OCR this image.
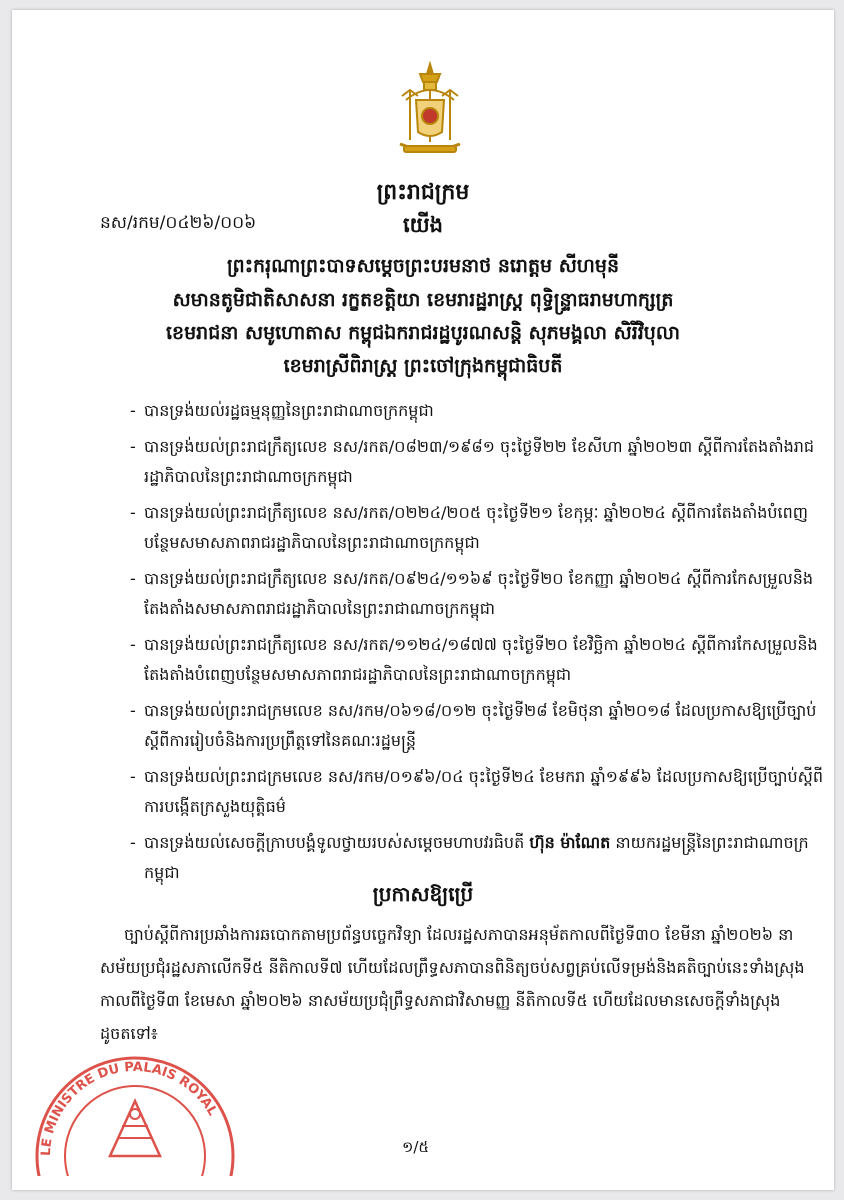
ព្រះរាជក្រម
នស/រកម/០៤២៦/០០៦	យើង
ព្រះករុណាព្រះបាទសម្ដេចព្រះបរមនាថ នរោត្ដម សីហមុនី
សមានតូមិជាតិសាសនា រក្ខតខត្តិយា ខេមរារដ្ឋរាស្ត្រ ពុទ្ធិន្ទ្រាធរាមហាក្សត្រ
ខេមរាជនា សមូហោតាស កម្ពុជឯករាជរដ្ឋបូរណសន្តិ សុភមង្គលា សិរីវិបុលា
ខេមរាស្រីពិរាស្ត្រ ព្រះចៅក្រុងកម្ពុជាធិបតី
- បានទ្រង់យល់រដ្ឋធម្មនុញ្ញនៃព្រះរាជាណាចក្រកម្ពុជា
- បានទ្រង់យល់ព្រះរាជក្រឹត្យលេខ នស/រកត/០៨២៣/១៩៨១ ចុះថ្ងៃទី២២ ខែសីហា ឆ្នាំ២០២៣ ស្ដីពីការតែងតាំងរាជរដ្ឋាភិបាលនៃព្រះរាជាណាចក្រកម្ពុជា
- បានទ្រង់យល់ព្រះរាជក្រឹត្យលេខ នស/រកត/០២២៤/២០៥ ចុះថ្ងៃទី២១ ខែកុម្ភៈ ឆ្នាំ២០២៤ ស្ដីពីការតែងតាំងបំពេញបន្ថែមសមាសភាពរាជរដ្ឋាភិបាលនៃព្រះរាជាណាចក្រកម្ពុជា
- បានទ្រង់យល់ព្រះរាជក្រឹត្យលេខ នស/រកត/០៩២៤/១១៦៩ ចុះថ្ងៃទី២០ ខែកញ្ញា ឆ្នាំ២០២៤ ស្ដីពីការកែសម្រួលនិងតែងតាំងសមាសភាពរាជរដ្ឋាភិបាលនៃព្រះរាជាណាចក្រកម្ពុជា
- បានទ្រង់យល់ព្រះរាជក្រឹត្យលេខ នស/រកត/១១២៤/១៨៧៧ ចុះថ្ងៃទី២០ ខែវិច្ឆិកា ឆ្នាំ២០២៤ ស្ដីពីការកែសម្រួលនិងតែងតាំងបំពេញបន្ថែមសមាសភាពរាជរដ្ឋាភិបាលនៃព្រះរាជាណាចក្រកម្ពុជា
- បានទ្រង់យល់ព្រះរាជក្រមលេខ នស/រកម/០៦១៨/០១២ ចុះថ្ងៃទី២៨ ខែមិថុនា ឆ្នាំ២០១៨ ដែលប្រកាសឱ្យប្រើច្បាប់ស្ដីពីការរៀបចំនិងការប្រព្រឹត្តទៅនៃគណៈរដ្ឋមន្ត្រី
- បានទ្រង់យល់ព្រះរាជក្រមលេខ នស/រកម/០១៩៦/០៤ ចុះថ្ងៃទី២៤ ខែមករា ឆ្នាំ១៩៩៦ ដែលប្រកាសឱ្យប្រើច្បាប់ស្ដីពីការបង្កើតក្រសួងយុត្តិធម៌
- បានទ្រង់យល់សេចក្ដីក្រាបបង្គំទូលថ្វាយរបស់សម្ដេចមហាបវរធិបតី ហ៊ុន ម៉ាណែត នាយករដ្ឋមន្ត្រីនៃព្រះរាជាណាចក្រកម្ពុជា
ប្រកាសឱ្យប្រើ

ច្បាប់ស្ដីពីការប្រឆាំងការឆបោកតាមប្រព័ន្ធបច្ចេកវិទ្យា ដែលរដ្ឋសភាបានអនុម័តកាលពីថ្ងៃទី៣០ ខែមីនា ឆ្នាំ២០២៦ នាសម័យប្រជុំរដ្ឋសភាលើកទី៥ នីតិកាលទី៧ ហើយដែលព្រឹទ្ធសភាបានពិនិត្យចប់សព្វគ្រប់លើទម្រង់និងគតិច្បាប់នេះទាំងស្រុងកាលពីថ្ងៃទី៣ ខែមេសា ឆ្នាំ២០២៦ នាសម័យប្រជុំព្រឹទ្ធសភាជាវិសាមញ្ញ នីតិកាលទី៥ ហើយដែលមានសេចក្ដីទាំងស្រុងដូចតទៅ៖

LE MINISTRE DU PALAIS ROYAL
១/៥
